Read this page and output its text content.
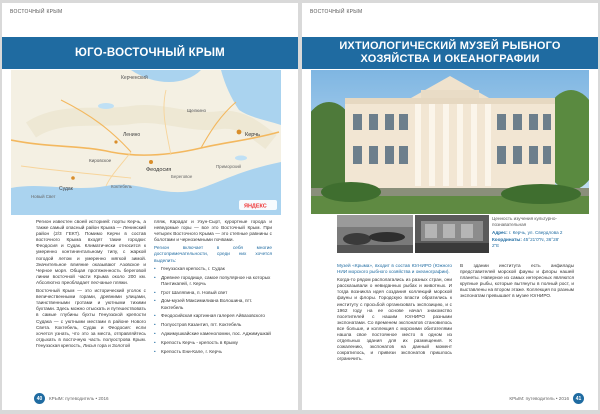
ВОСТОЧНЫЙ КРЫМ
ЮГО-ВОСТОЧНЫЙ КРЫМ
Керченский
Ленино
Феодосия
Судак
Кировское
Щелкино
Керчь
Береговое
Коктебель
Новый Свет
Приморский
ЯНДЕКС

Регион известен своей историей: порты Керчь, а также самый опасный район Крыма — Ленинский район (2/3 ГЕКТ). Помимо Керчи в состав восточного Крыма входят такие городки: Феодосия и Судак. Климатически относится к умеренно континентальному типу, с жаркой погодой летом и умеренно мягкой зимой. Значительное влияние оказывают Азовское и Черное моря. Общая протяженность береговой линии восточной части Крыма около 200 км. Абсолютно преобладает песчаные пляжи.

Восточный Крым — это исторический уголок с величественными горами, древними улицами, таинственными гротами и уютными тихими бухтами. Здесь можно отыскать и путешествовать в самые глубины бухты Генуэзской крепости Судака — с уютными местами в районе Нового Света. Коктебель, Судак и Феодосия: если хочется узнать, что это за места, отправляйтесь отдыхать в восточную часть полуострова Крым. Генуэзская крепость, Лисья гора и Золотой

пляж, Карадаг и Узун-Сырт, курортные города и неведомые горы — все это Восточный Крым. При четырех Восточного Крыма — это степные равнины с болотами и черноземными почвами.

Регион включает в себя многие достопримечательности, среди них хочется выделить:

• Генуэзская крепость, г. Судак
• Древнее городище, самое популярное на которых Пантикапей, г. Керчь
• Грот Шаляпина, п. Новый свет
• Дом-музей Максимилиана Волошина, пгт. Коктебель
• Феодосийская картинная галерея Айвазовского
• Полуостров Казантип, пгт. Коктебель
• Аджимушкайские каменоломни, пос. Аджимушкай
• Крепость Керчь - крепость в Крыму
• Крепость Ени-Кале, г. Керчь
40	КРЫМ: путеводитель • 2016
ВОСТОЧНЫЙ КРЫМ
ИХТИОЛОГИЧЕСКИЙ МУЗЕЙ РЫБНОГО
ХОЗЯЙСТВА И ОКЕАНОГРАФИИ
Ценность изучения культурно-познавательная
Адрес: г. Керчь, ул. Свердлова 2
Координаты: 45°21'0"N, 36°28'
2"E

Музей «Крыма», входит в состав ЮгНИРО (Южного НИИ морского рыбного хозяйства и океанографии).

Когда-то рядом располагались из разных стран, они рассказывали о невиданных рыбах и животных. И тогда возникла идея создания коллекций морской фауны и флоры. Городскую власти обратились к институту с просьбой организовать экспозицию, и с 1962 году на ее основе начал знакомство посетителей с нашим ЮгНИРО разными экспонатами. Со временем экспонатов становилось все больше, и коллекция с морскими обитателями нашла свое постоянное место в одном из отдельных здания для их размещения. К сожалению, экспонатов на данный момент сократилось, и привези экспонатов пришлось ограничить.

В здании института есть анфилады представителей морской фауны и флоры нашей планеты. Наверное из самых интересных являются крупные рыбы, которые вытянуты в полный рост, и выставлены на втором этаже. Коллекция по разным экспонатам превышает в музее ЮгНИРО.

КРЫМ: путеводитель • 2016	41
